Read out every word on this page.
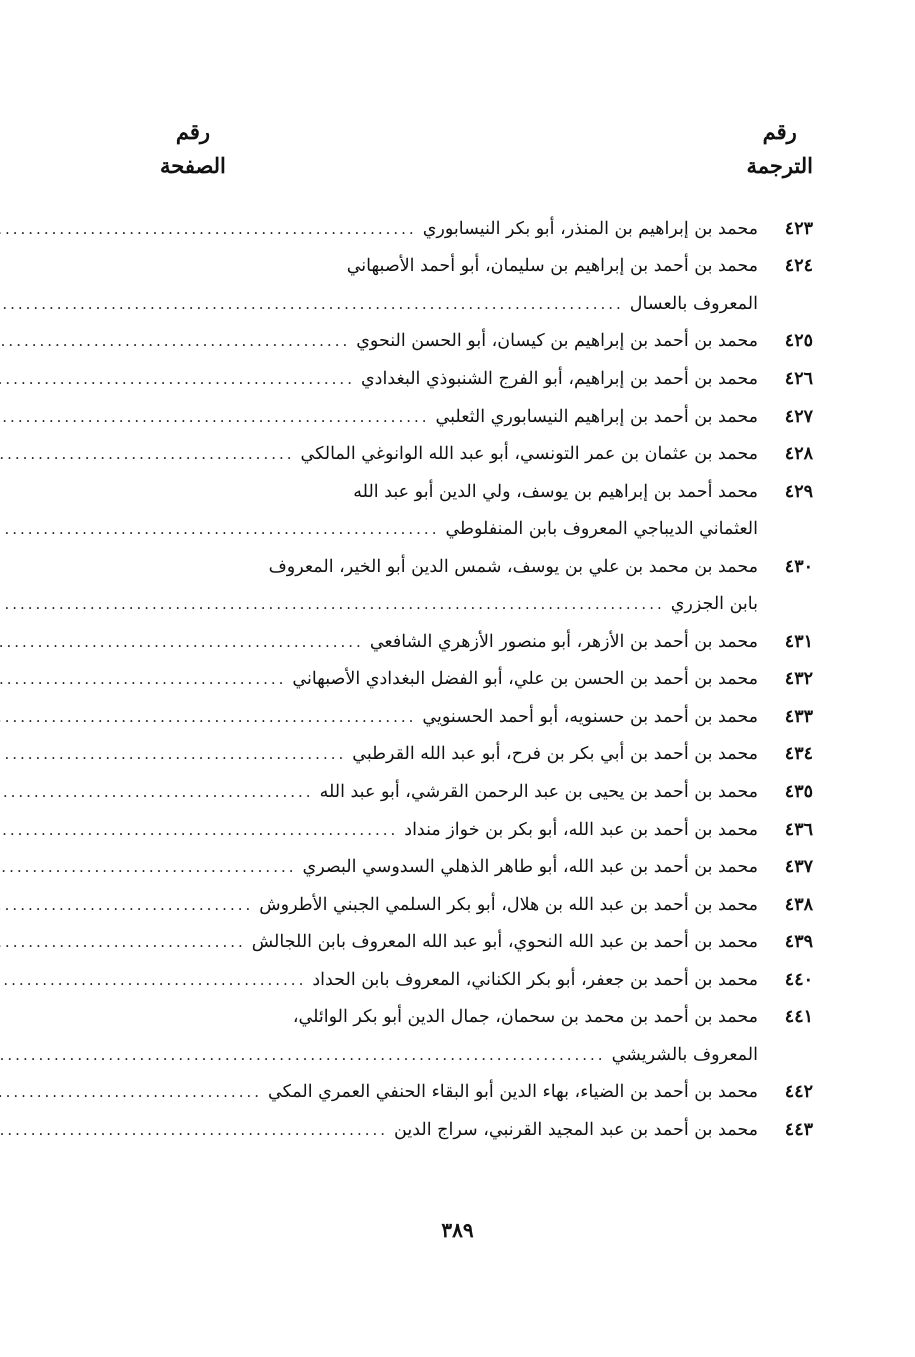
رقم
الترجمة
رقم
الصفحة
٤٢٣
محمد بن إبراهيم بن المنذر، أبو بكر النيسابوري
.....
٤٢٤
محمد بن أحمد بن إبراهيم بن سليمان، أبو أحمد الأصبهاني
المعروف بالعسال
.....
٤٢٥
محمد بن أحمد بن إبراهيم بن كيسان، أبو الحسن النحوي
.....
٤٢٦
محمد بن أحمد بن إبراهيم، أبو الفرج الشنبوذي البغدادي
.....
٤٢٧
محمد بن أحمد بن إبراهيم النيسابوري الثعلبي
.....
٤٢٨
محمد بن عثمان بن عمر التونسي، أبو عبد الله الوانوغي المالكي
.....
٤٢٩
محمد أحمد بن إبراهيم بن يوسف، ولي الدين أبو عبد الله
العثماني الديباجي المعروف بابن المنفلوطي
.....
٤٣٠
محمد بن محمد بن علي بن يوسف، شمس الدين أبو الخير، المعروف
بابن الجزري
.....
٤٣١
محمد بن أحمد بن الأزهر، أبو منصور الأزهري الشافعي
.....
٤٣٢
محمد بن أحمد بن الحسن بن علي، أبو الفضل البغدادي الأصبهاني
.....
٤٣٣
محمد بن أحمد بن حسنويه، أبو أحمد الحسنويي
.....
٤٣٤
محمد بن أحمد بن أبي بكر بن فرح، أبو عبد الله القرطبي
.....
٤٣٥
محمد بن أحمد بن يحيى بن عبد الرحمن القرشي، أبو عبد الله
.....
٤٣٦
محمد بن أحمد بن عبد الله، أبو بكر بن خواز منداد
.....
٤٣٧
محمد بن أحمد بن عبد الله، أبو طاهر الذهلي السدوسي البصري
.....
٤٣٨
محمد بن أحمد بن عبد الله بن هلال، أبو بكر السلمي الجبني الأطروش
.....
٤٣٩
محمد بن أحمد بن عبد الله النحوي، أبو عبد الله المعروف بابن اللجالش
.....
٤٤٠
محمد بن أحمد بن جعفر، أبو بكر الكناني، المعروف بابن الحداد
.....
٤٤١
محمد بن أحمد بن محمد بن سحمان، جمال الدين أبو بكر الوائلي،
المعروف بالشريشي
.....
٤٤٢
محمد بن أحمد بن الضياء، بهاء الدين أبو البقاء الحنفي العمري المكي
.....
٤٤٣
محمد بن أحمد بن عبد المجيد القرنبي، سراج الدين
.....
٣٨٩
